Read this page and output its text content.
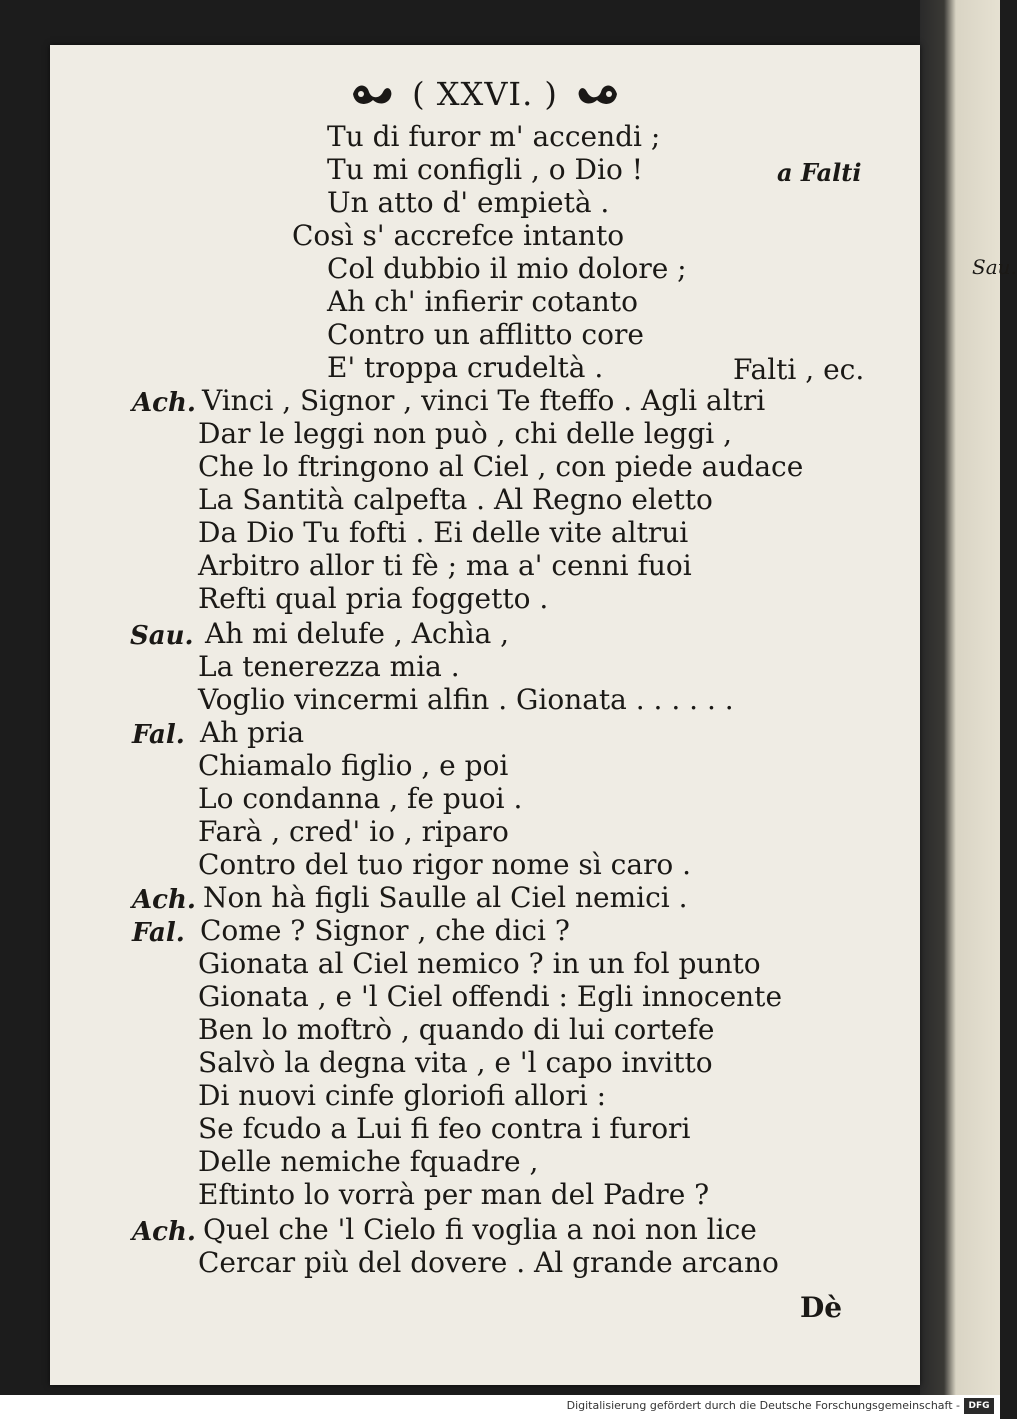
Sau.
( XXVI. )
Tu di furor m' accendi ;
Tu mi configli , o Dio !	a Falti
Un atto d' empietà .
Così s' accrefce intanto
Col dubbio il mio dolore ;
Ah ch' infierir cotanto
Contro un afflitto core
E' troppa crudeltà .	Falti , ec.
Ach. Vinci , Signor , vinci Te fteffo . Agli altri
Dar le leggi non può , chi delle leggi ,
Che lo ftringono al Ciel , con piede audace
La Santità calpefta . Al Regno eletto
Da Dio Tu fofti . Ei delle vite altrui
Arbitro allor ti fè ; ma a' cenni fuoi
Refti qual pria foggetto .
Sau. Ah mi delufe , Achìa ,
La tenerezza mia .
Voglio vincermi alfin . Gionata . . . . . .
Fal. Ah pria
Chiamalo figlio , e poi
Lo condanna , fe puoi .
Farà , cred' io , riparo
Contro del tuo rigor nome sì caro .
Ach. Non hà figli Saulle al Ciel nemici .
Fal. Come ? Signor , che dici ?
Gionata al Ciel nemico ? in un fol punto
Gionata , e 'l Ciel offendi : Egli innocente
Ben lo moftrò , quando di lui cortefe
Salvò la degna vita , e 'l capo invitto
Di nuovi cinfe gloriofi allori :
Se fcudo a Lui fi feo contra i furori
Delle nemiche fquadre ,
Eftinto lo vorrà per man del Padre ?
Ach. Quel che 'l Cielo fi voglia a noi non lice
Cercar più del dovere . Al grande arcano
Dè
Digitalisierung gefördert durch die Deutsche Forschungsgemeinschaft - DFG
